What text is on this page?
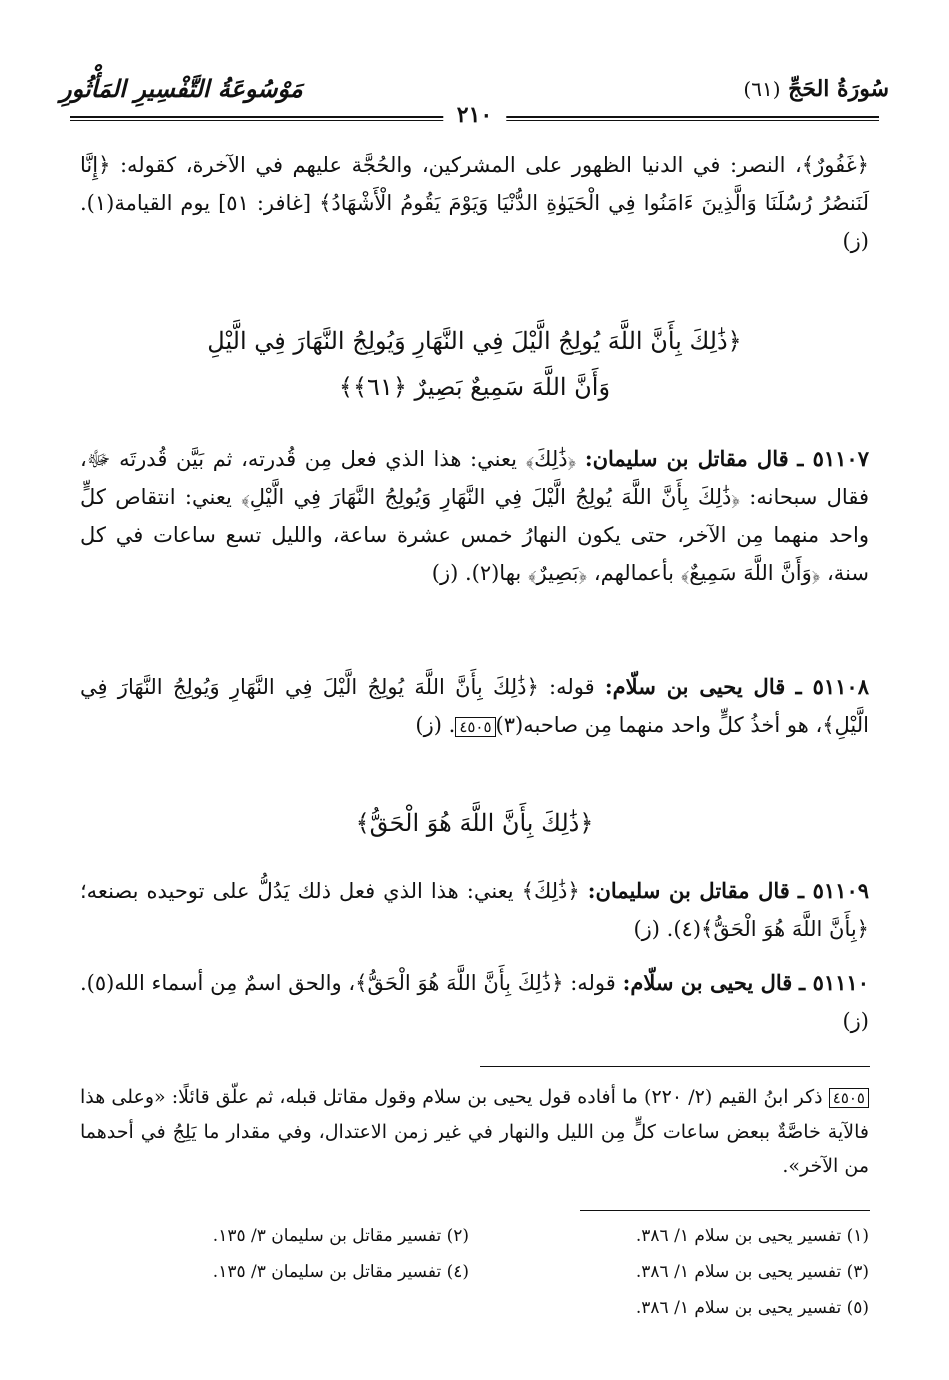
سُورَةُ الحَجِّ (٦١)
مَوْسُوعَةُ التَّفْسِيرِ المَأْثُورِ
٢١٠
﴿غَفُورٌ﴾، النصر: في الدنيا الظهور على المشركين، والحُجَّة عليهم في الآخرة، كقوله: ﴿إِنَّا لَنَنصُرُ رُسُلَنَا وَالَّذِينَ ءَامَنُوا فِي الْحَيَوٰةِ الدُّنْيَا وَيَوْمَ يَقُومُ الْأَشْهَادُ﴾ [غافر: ٥١] يوم القيامة(١). (ز)
﴿ذَٰلِكَ بِأَنَّ اللَّهَ يُولِجُ الَّيْلَ فِي النَّهَارِ وَيُولِجُ النَّهَارَ فِي الَّيْلِ
وَأَنَّ اللَّهَ سَمِيعٌ بَصِيرٌ ﴿٦١﴾﴾
٥١١٠٧ ـ قال مقاتل بن سليمان: ﴿ذَٰلِكَ﴾ يعني: هذا الذي فعل مِن قُدرته، ثم بَيَّن قُدرتَه ﷻ، فقال سبحانه: ﴿ذَٰلِكَ بِأَنَّ اللَّهَ يُولِجُ الَّيْلَ فِي النَّهَارِ وَيُولِجُ النَّهَارَ فِي الَّيْلِ﴾ يعني: انتقاص كلٍّ واحد منهما مِن الآخر، حتى يكون النهارُ خمس عشرة ساعة، والليل تسع ساعات في كل سنة، ﴿وَأَنَّ اللَّهَ سَمِيعٌ﴾ بأعمالهم، ﴿بَصِيرٌ﴾ بها(٢). (ز)
٥١١٠٨ ـ قال يحيى بن سلّام: قوله: ﴿ذَٰلِكَ بِأَنَّ اللَّهَ يُولِجُ الَّيْلَ فِي النَّهَارِ وَيُولِجُ النَّهَارَ فِي الَّيْلِ﴾، هو أخذُ كلٍّ واحد منهما مِن صاحبه(٣)٤٥٠٥. (ز)
﴿ذَٰلِكَ بِأَنَّ اللَّهَ هُوَ الْحَقُّ﴾
٥١١٠٩ ـ قال مقاتل بن سليمان: ﴿ذَٰلِكَ﴾ يعني: هذا الذي فعل ذلك يَدُلُّ على توحيده بصنعه؛ ﴿بِأَنَّ اللَّهَ هُوَ الْحَقُّ﴾(٤). (ز)
٥١١١٠ ـ قال يحيى بن سلّام: قوله: ﴿ذَٰلِكَ بِأَنَّ اللَّهَ هُوَ الْحَقُّ﴾، والحق اسمٌ مِن أسماء الله(٥). (ز)
٤٥٠٥ ذكر ابنُ القيم (٢/ ٢٢٠) ما أفاده قول يحيى بن سلام وقول مقاتل قبله، ثم علّق قائلًا: «وعلى هذا فالآية خاصَّةٌ ببعض ساعات كلٍّ مِن الليل والنهار في غير زمن الاعتدال، وفي مقدار ما يَلِجُ في أحدهما من الآخر».
(١) تفسير يحيى بن سلام ١/ ٣٨٦.
(٢) تفسير مقاتل بن سليمان ٣/ ١٣٥.
(٣) تفسير يحيى بن سلام ١/ ٣٨٦.
(٤) تفسير مقاتل بن سليمان ٣/ ١٣٥.
(٥) تفسير يحيى بن سلام ١/ ٣٨٦.
